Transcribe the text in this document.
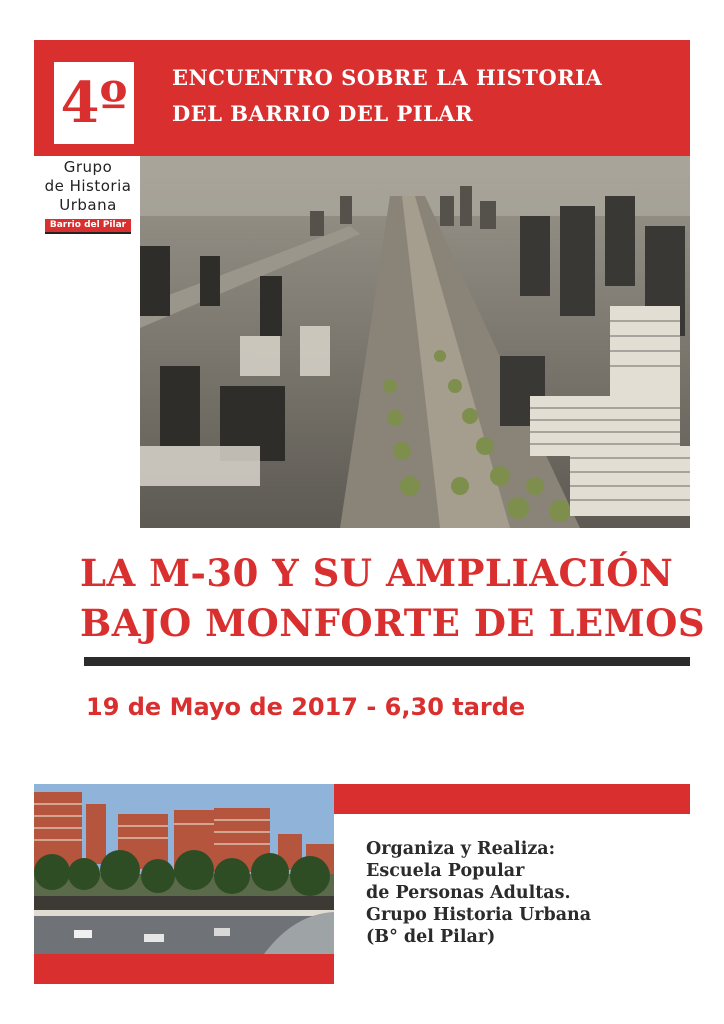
4º	ENCUENTRO SOBRE LA HISTORIA
DEL BARRIO DEL PILAR
Grupo
de Historia
Urbana
Barrio del Pilar
LA M-30 Y SU AMPLIACIÓN
BAJO MONFORTE DE LEMOS
19 de Mayo de 2017 - 6,30 tarde
Organiza y Realiza:
Escuela Popular
de Personas Adultas.
Grupo Historia Urbana
(B° del Pilar)
